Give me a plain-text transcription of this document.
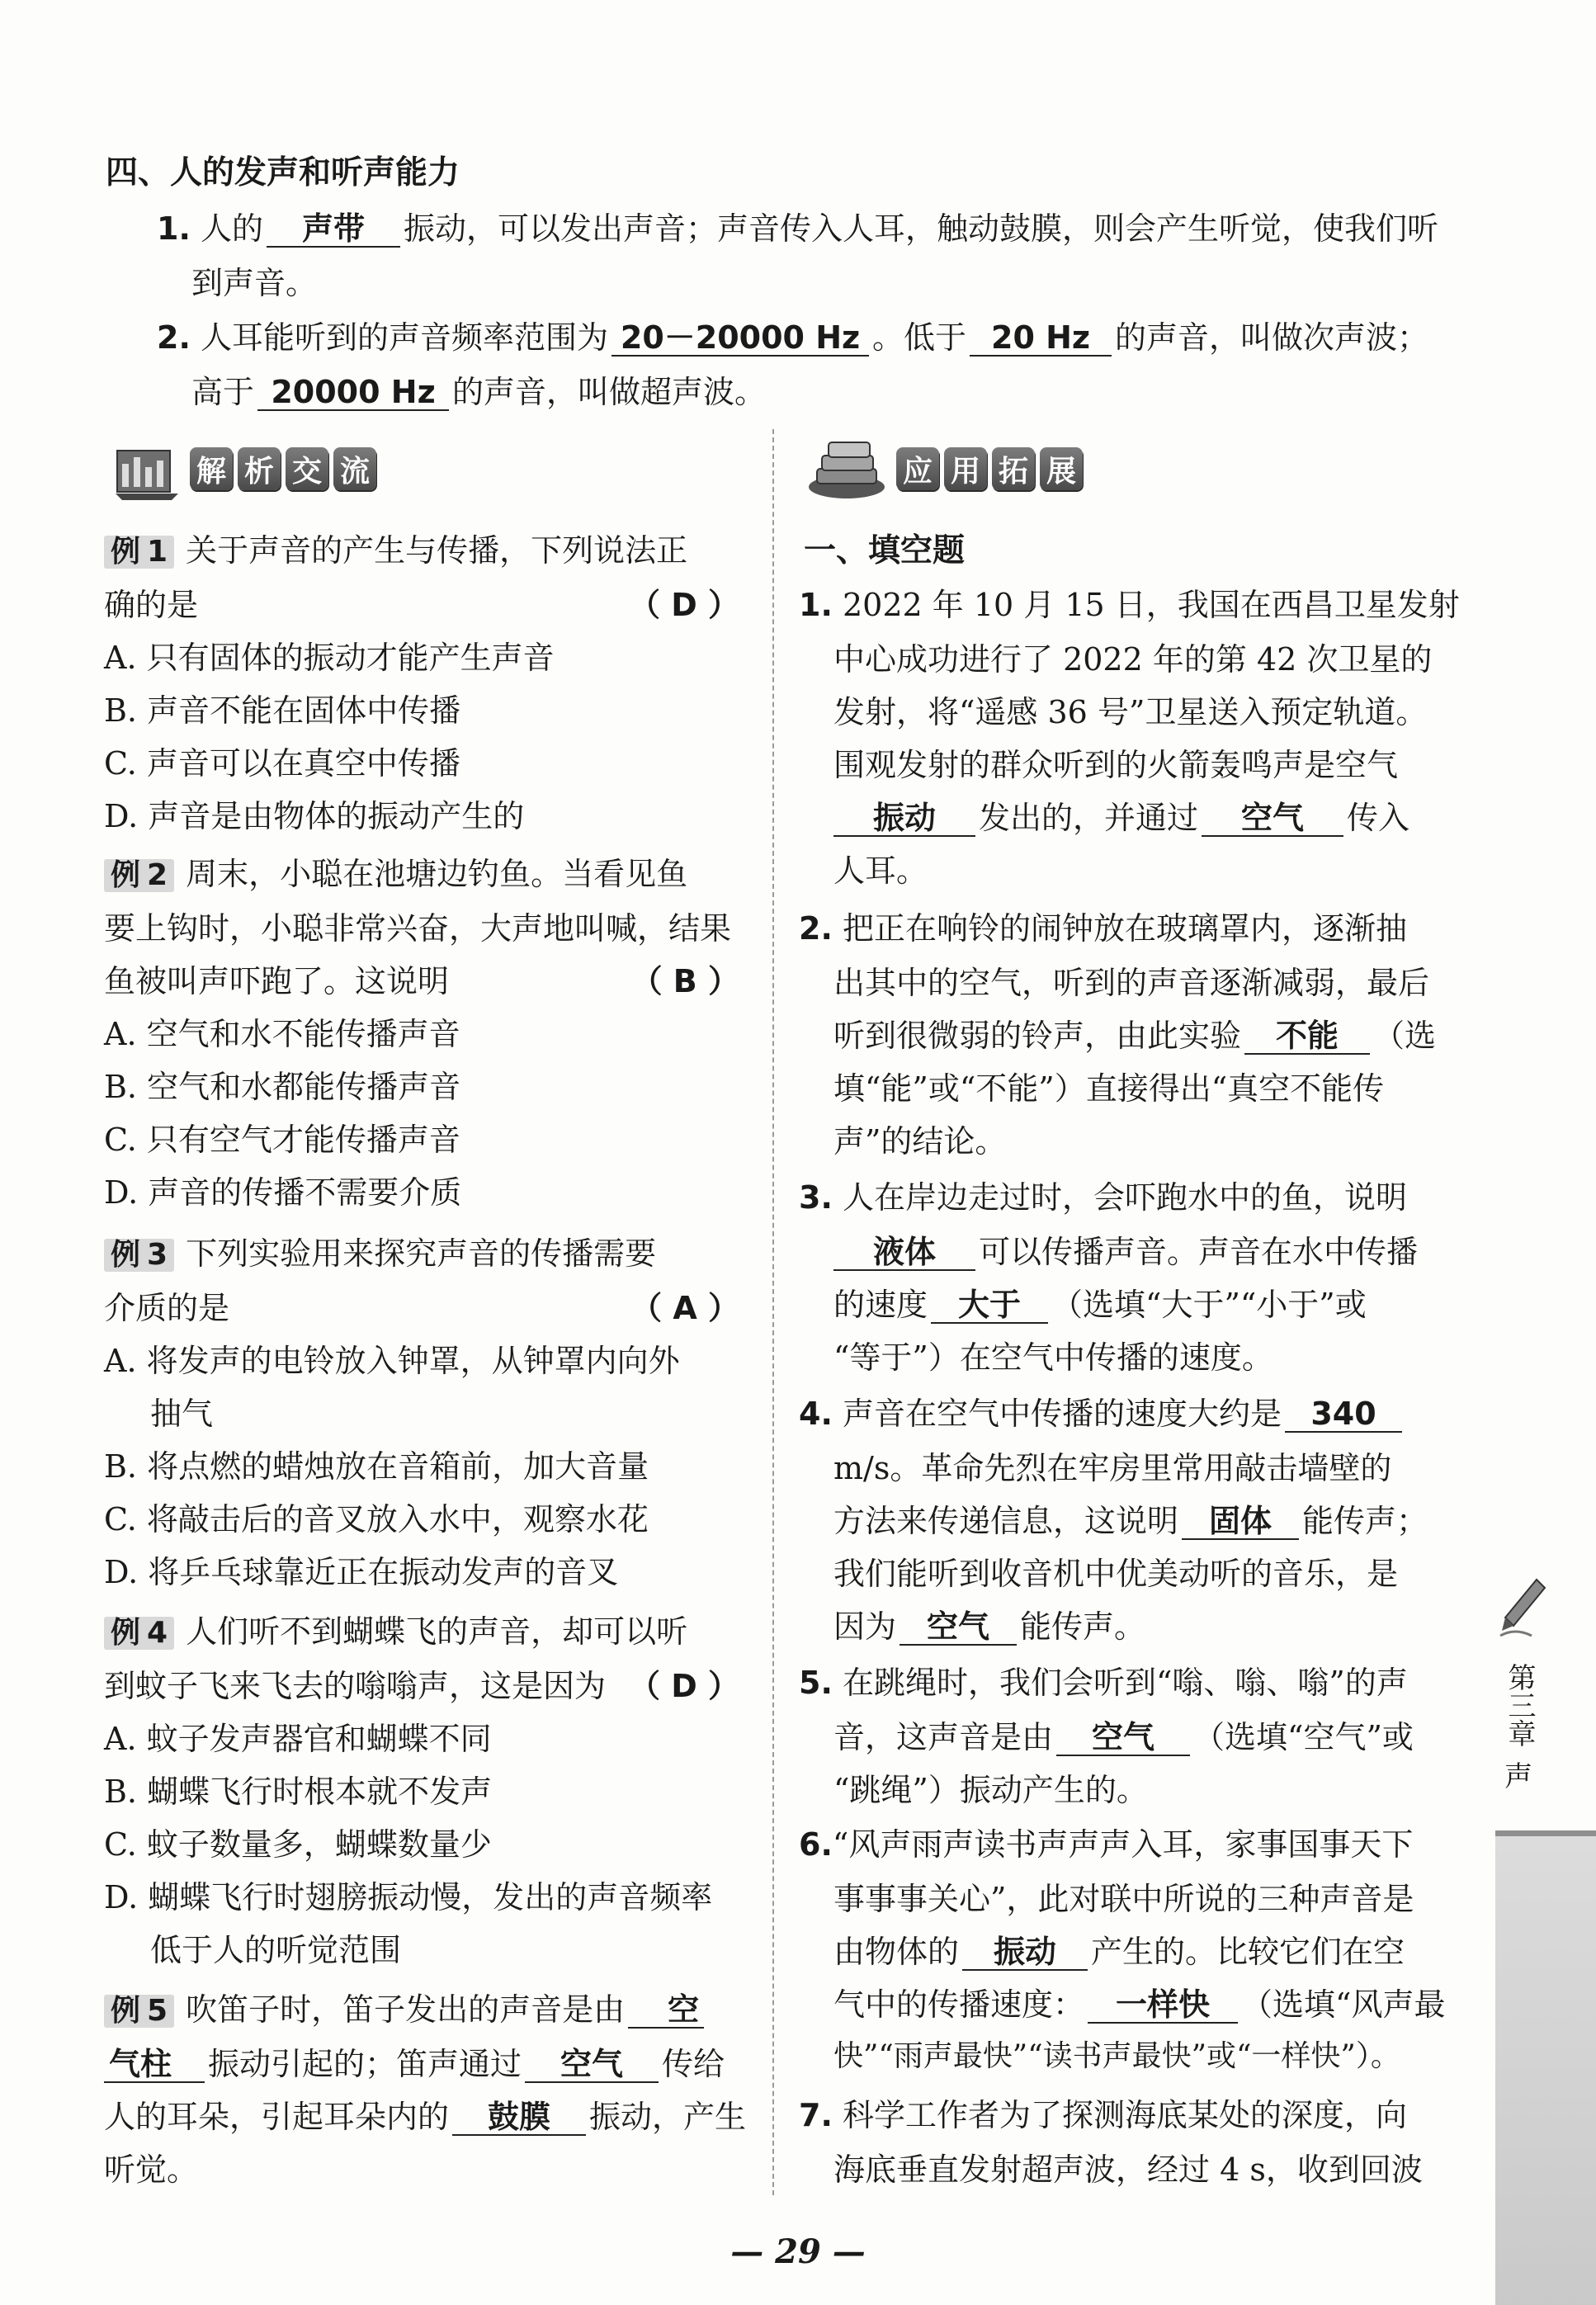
四、人的发声和听声能力
1. 人的 声带 振动，可以发出声音；声音传入人耳，触动鼓膜，则会产生听觉，使我们听
到声音。
2. 人耳能听到的声音频率范围为 20－20000 Hz 。低于 20 Hz 的声音，叫做次声波；
高于 20000 Hz 的声音，叫做超声波。
解 析 交 流	应 用 拓 展
例 1 关于声音的产生与传播，下列说法正
确的是	（ D ）
A. 只有固体的振动才能产生声音
B. 声音不能在固体中传播
C. 声音可以在真空中传播
D. 声音是由物体的振动产生的
例 2 周末，小聪在池塘边钓鱼。当看见鱼
要上钩时，小聪非常兴奋，大声地叫喊，结果
鱼被叫声吓跑了。这说明	（ B ）
A. 空气和水不能传播声音
B. 空气和水都能传播声音
C. 只有空气才能传播声音
D. 声音的传播不需要介质
例 3 下列实验用来探究声音的传播需要
介质的是	（ A ）
A. 将发声的电铃放入钟罩，从钟罩内向外
抽气
B. 将点燃的蜡烛放在音箱前，加大音量
C. 将敲击后的音叉放入水中，观察水花
D. 将乒乓球靠近正在振动发声的音叉
例 4 人们听不到蝴蝶飞的声音，却可以听
到蚊子飞来飞去的嗡嗡声，这是因为 （ D ）
A. 蚊子发声器官和蝴蝶不同
B. 蝴蝶飞行时根本就不发声
C. 蚊子数量多，蝴蝶数量少
D. 蝴蝶飞行时翅膀振动慢，发出的声音频率
低于人的听觉范围
例 5 吹笛子时，笛子发出的声音是由 空
气柱 振动引起的；笛声通过 空气 传给
人的耳朵，引起耳朵内的 鼓膜 振动，产生
听觉。
一、填空题
1. 2022 年 10 月 15 日，我国在西昌卫星发射
中心成功进行了 2022 年的第 42 次卫星的
发射，将“遥感 36 号”卫星送入预定轨道。
围观发射的群众听到的火箭轰鸣声是空气
振动 发出的，并通过 空气 传入
人耳。
2. 把正在响铃的闹钟放在玻璃罩内，逐渐抽
出其中的空气，听到的声音逐渐减弱，最后
听到很微弱的铃声，由此实验 不能 （选
填“能”或“不能”）直接得出“真空不能传
声”的结论。
3. 人在岸边走过时，会吓跑水中的鱼，说明
液体 可以传播声音。声音在水中传播
的速度 大于 （选填“大于”“小于”或
“等于”）在空气中传播的速度。
4. 声音在空气中传播的速度大约是 340
m/s。革命先烈在牢房里常用敲击墙壁的
方法来传递信息，这说明 固体 能传声；
我们能听到收音机中优美动听的音乐，是
因为 空气 能传声。
5. 在跳绳时，我们会听到“嗡、嗡、嗡”的声
音，这声音是由 空气 （选填“空气”或
“跳绳”）振动产生的。
6.“风声雨声读书声声声入耳，家事国事天下
事事事关心”，此对联中所说的三种声音是
由物体的 振动 产生的。比较它们在空
气中的传播速度： 一样快 （选填“风声最
快”“雨声最快”“读书声最快”或“一样快”）。
7. 科学工作者为了探测海底某处的深度，向
海底垂直发射超声波，经过 4 s，收到回波
第三章
声
— 29 —
